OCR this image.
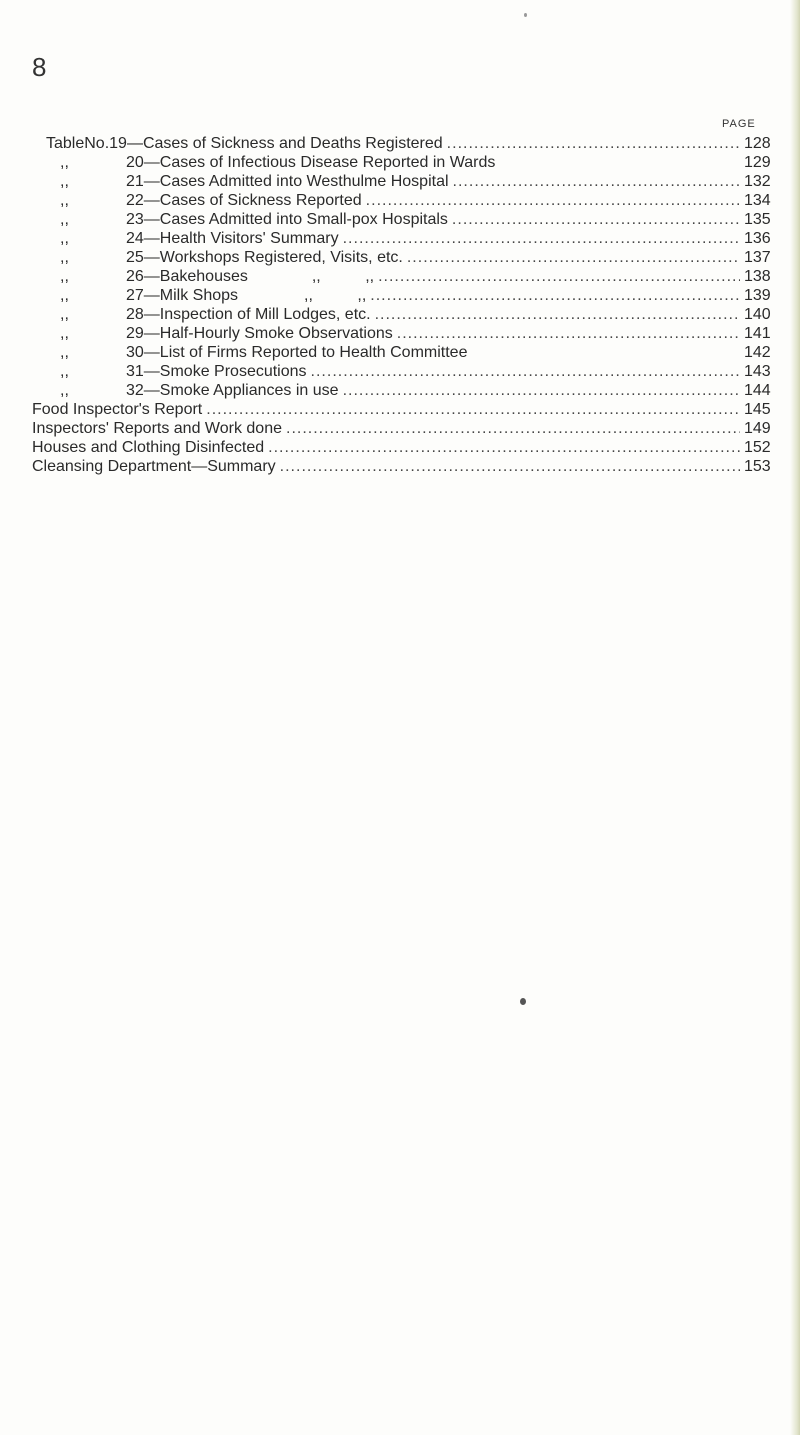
8
PAGE
TableNo. 19—Cases of Sickness and Deaths Registered .....	128
,,	20—Cases of Infectious Disease Reported in Wards	129
,,	21—Cases Admitted into Westhulme Hospital .....	132
,,	22—Cases of Sickness Reported .....	134
,,	23—Cases Admitted into Small-pox Hospitals .....	135
,,	24—Health Visitors' Summary .....	136
,,	25—Workshops Registered, Visits, etc. .....	137
,,	26—Bakehouses	,,          ,, .....	138
,,	27—Milk Shops	,,          ,, .....	139
,,	28—Inspection of Mill Lodges, etc. .....	140
,,	29—Half-Hourly Smoke Observations .....	141
,,	30—List of Firms Reported to Health Committee	142
,,	31—Smoke Prosecutions .....	143
,,	32—Smoke Appliances in use .....	144
Food Inspector's Report .....	145
Inspectors' Reports and Work done .....	149
Houses and Clothing Disinfected .....	152
Cleansing Department—Summary .....	153
